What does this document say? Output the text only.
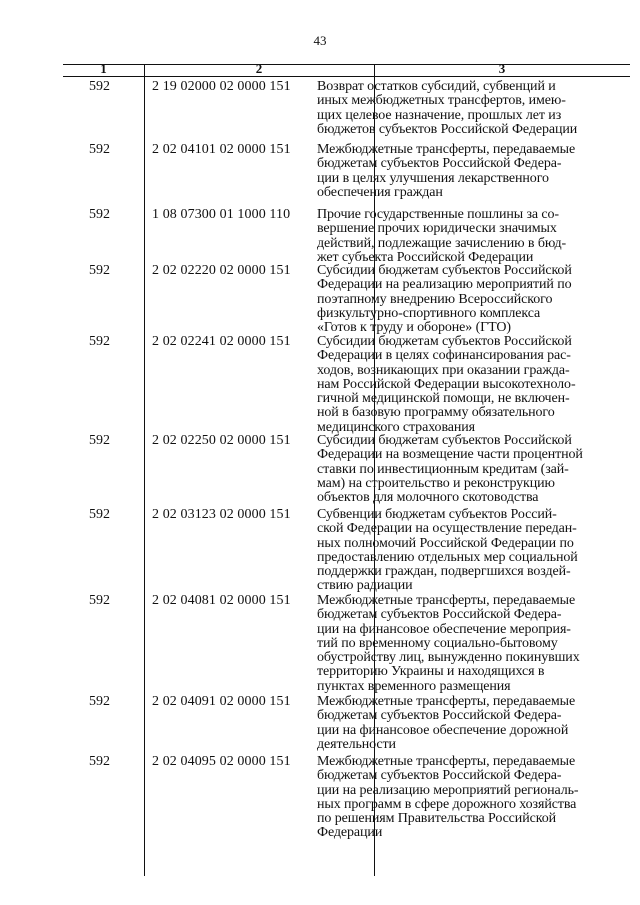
43
1	2	3
592	2 19 02000 02 0000 151 Возврат остатков субсидий, субвенций и
иных межбюджетных трансфертов, имею-
щих целевое назначение, прошлых лет из
бюджетов субъектов Российской Федерации
592	2 02 04101 02 0000 151 Межбюджетные трансферты, передаваемые
бюджетам субъектов Российской Федера-
ции в целях улучшения лекарственного
обеспечения граждан
592	1 08 07300 01 1000 110 Прочие государственные пошлины за со-
вершение прочих юридически значимых
действий, подлежащие зачислению в бюд-
жет субъекта Российской Федерации
592	2 02 02220 02 0000 151 Субсидии бюджетам субъектов Российской
Федерации на реализацию мероприятий по
поэтапному внедрению Всероссийского
физкультурно-спортивного комплекса
«Готов к труду и обороне» (ГТО)
592	2 02 02241 02 0000 151 Субсидии бюджетам субъектов Российской
Федерации в целях софинансирования рас-
ходов, возникающих при оказании гражда-
нам Российской Федерации высокотехноло-
гичной медицинской помощи, не включен-
ной в базовую программу обязательного
медицинского страхования
592	2 02 02250 02 0000 151 Субсидии бюджетам субъектов Российской
Федерации на возмещение части процентной
ставки по инвестиционным кредитам (зай-
мам) на строительство и реконструкцию
объектов для молочного скотоводства
592	2 02 03123 02 0000 151 Субвенции бюджетам субъектов Россий-
ской Федерации на осуществление передан-
ных полномочий Российской Федерации по
предоставлению отдельных мер социальной
поддержки граждан, подвергшихся воздей-
ствию радиации
592	2 02 04081 02 0000 151 Межбюджетные трансферты, передаваемые
бюджетам субъектов Российской Федера-
ции на финансовое обеспечение мероприя-
тий по временному социально-бытовому
обустройству лиц, вынужденно покинувших
территорию Украины и находящихся в
пунктах временного размещения
592	2 02 04091 02 0000 151 Межбюджетные трансферты, передаваемые
бюджетам субъектов Российской Федера-
ции на финансовое обеспечение дорожной
деятельности
592	2 02 04095 02 0000 151 Межбюджетные трансферты, передаваемые
бюджетам субъектов Российской Федера-
ции на реализацию мероприятий региональ-
ных программ в сфере дорожного хозяйства
по решениям Правительства Российской
Федерации
